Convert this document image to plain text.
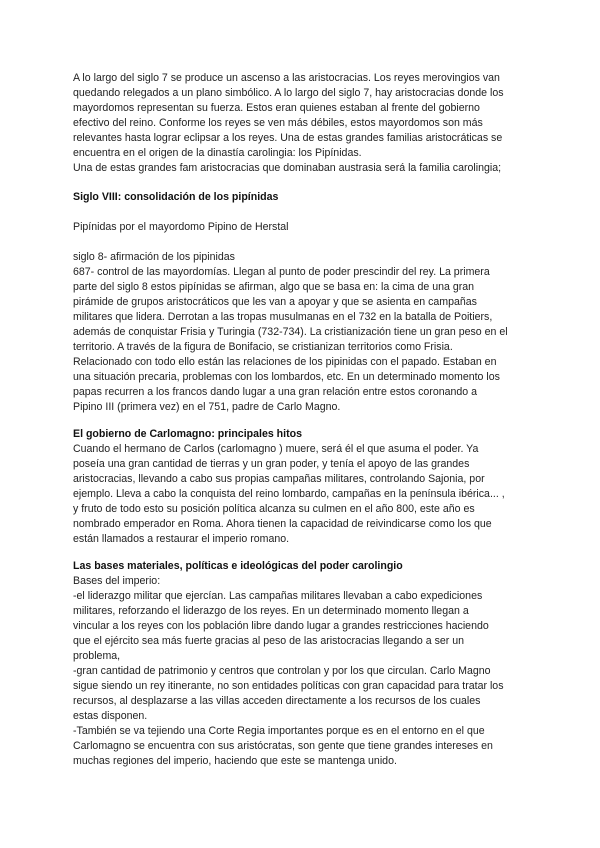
A lo largo del siglo 7 se produce un ascenso a las aristocracias. Los reyes merovingios van

quedando relegados a un plano simbólico. A lo largo del siglo 7, hay aristocracias donde los

mayordomos representan su fuerza. Estos eran quienes estaban al frente del gobierno

efectivo del reino. Conforme los reyes se ven más débiles, estos mayordomos son más

relevantes hasta lograr eclipsar a los reyes. Una de estas grandes familias aristocráticas se

encuentra en el origen de la dinastía carolingia: los Pipínidas.

Una de estas grandes fam aristocracias que dominaban austrasia será la familia carolingia;

Siglo VIII: consolidación de los pipínidas

Pipínidas por el mayordomo Pipino de Herstal

siglo 8- afirmación de los pipinidas

687- control de las mayordomías. Llegan al punto de poder prescindir del rey. La primera

parte del siglo 8 estos pipínidas se afirman, algo que se basa en: la cima de una gran

pirámide de grupos aristocráticos que les van a apoyar y que se asienta en campañas

militares que lidera. Derrotan a las tropas musulmanas en el 732 en la batalla de Poitiers,

además de conquistar Frisia y Turingia (732-734). La cristianización tiene un gran peso en el

territorio. A través de la figura de Bonifacio, se cristianizan territorios como Frisia.

Relacionado con todo ello están las relaciones de los pipinidas con el papado. Estaban en

una situación precaria, problemas con los lombardos, etc. En un determinado momento los

papas recurren a los francos dando lugar a una gran relación entre estos coronando a

Pipino III (primera vez) en el 751, padre de Carlo Magno.

El gobierno de Carlomagno: principales hitos

Cuando el hermano de Carlos (carlomagno ) muere, será él el que asuma el poder. Ya

poseía una gran cantidad de tierras y un gran poder, y tenía el apoyo de las grandes

aristocracias, llevando a cabo sus propias campañas militares, controlando Sajonia, por

ejemplo. Lleva a cabo la conquista del reino lombardo, campañas en la península ibérica... ,

y fruto de todo esto su posición política alcanza su culmen en el año 800, este año es

nombrado emperador en Roma. Ahora tienen la capacidad de reivindicarse como los que

están llamados a restaurar el imperio romano.

Las bases materiales, políticas e ideológicas del poder carolingio

Bases del imperio:

-el liderazgo militar que ejercían. Las campañas militares llevaban a cabo expediciones

militares, reforzando el liderazgo de los reyes. En un determinado momento llegan a

vincular a los reyes con los población libre dando lugar a grandes restricciones haciendo

que el ejército sea más fuerte gracias al peso de las aristocracias llegando a ser un

problema,

-gran cantidad de patrimonio y centros que controlan y por los que circulan. Carlo Magno

sigue siendo un rey itinerante, no son entidades políticas con gran capacidad para tratar los

recursos, al desplazarse a las villas acceden directamente a los recursos de los cuales

estas disponen.

-También se va tejiendo una Corte Regia importantes porque es en el entorno en el que

Carlomagno se encuentra con sus aristócratas, son gente que tiene grandes intereses en

muchas regiones del imperio, haciendo que este se mantenga unido.
